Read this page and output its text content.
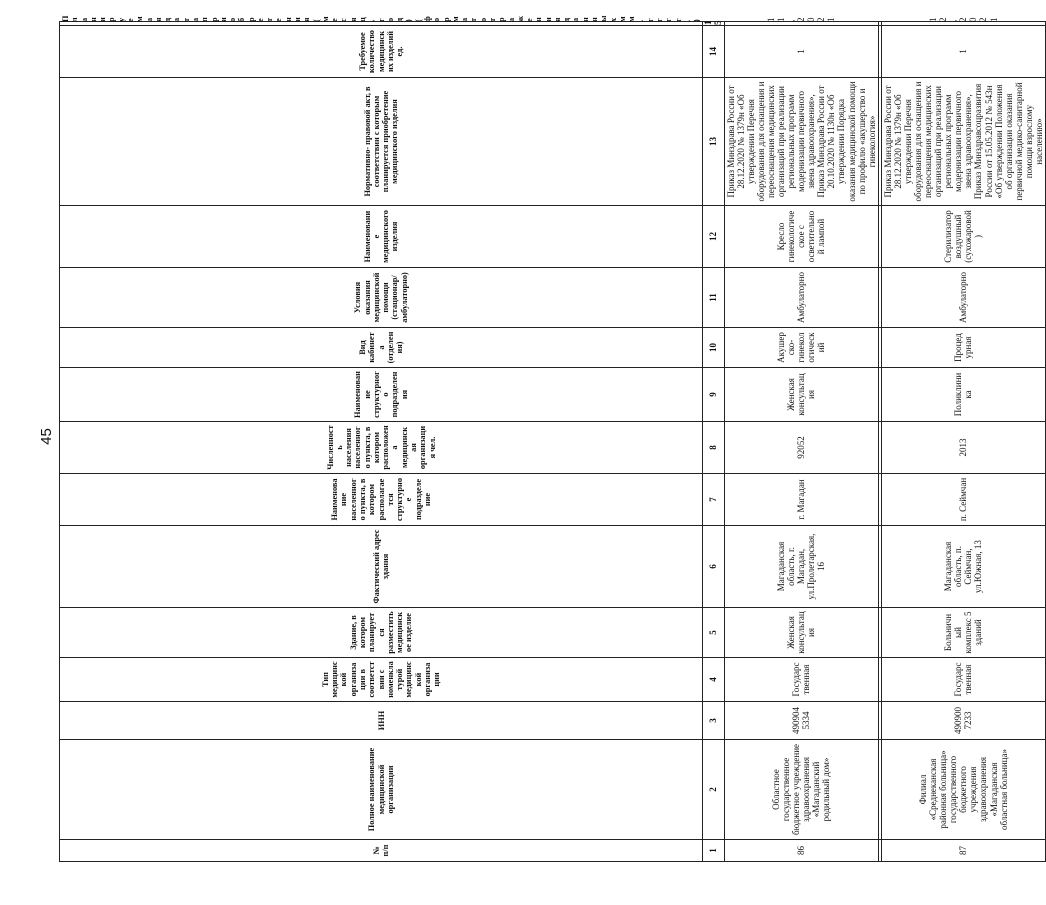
45
№ п/п	Полное наименование медицинской организации	ИНН	Тип медицинской организации в соответствии с номенклатурой медицинской организации	Здание, в котором планируется разместить медицинское изделие	Фактический адрес здания	Наименование населенного пункта, в котором располагается структурное подразделение	Численность населения населенного пункта, в котором расположена медицинская организация чел.	Наименование структурного подразделения	Вид кабинета (отделения)	Условия оказания медицинской помощи (стационар/амбулаторно)	Наименование медицинского изделия	Нормативно- правовой акт, в соответствии с которым планируется приобретение медицинского изделия	Требуемое количество медицинских изделий ед.	Планируемая дата приобретения (месяц, год) (формат отражения данных мм. гггг.)
1	2	3	4	5	6	7	8	9	10	11	12	13	14	15
86	Областное государственное бюджетное учреждение здравоохранения «Магаданский родильный дом»	4909045334	Государственная	Женская консультация	Магаданская область, г. Магадан, ул.Пролетарская, 16	г. Магадан	92052	Женская консультация	Акушерско-гинекологический	Амбулаторно	Кресло гинекологическое с осветительной лампой	Приказ Минздрава России от 28.12.2020 № 1379н «Об утверждении Перечня оборудования для оснащения и переоснащения медицинских организаций при реализации региональных программ модернизации первичного звена здравоохранения», Приказ Минздрава России от 20.10.2020 № 1130н «Об утверждении Порядка оказания медицинской помощи по профилю «акушерство и гинекология»	1	11,2021

87	Филиал «Среднеканская районная больница» государственного бюджетного учреждения здравоохранения «Магаданская областная больница»	4909007233	Государственная	Больничный комплекс 5 зданий	Магаданская область, п. Сеймчан, ул.Южная, 13	п. Сеймчан	2013	Поликлиника	Процедурная	Амбулаторно	Стерилизатор воздушный (сухожаровой)	Приказ Минздрава России от 28.12.2020 № 1379н «Об утверждении Перечня оборудования для оснащения и переоснащения медицинских организаций при реализации региональных программ модернизации первичного звена здравоохранения», Приказ Минздравсоцразвития России от 15.05.2012 № 543н «Об утверждении Положения об организации оказания первичной медико-санитарной помощи взрослому населению»	1	12,2021
